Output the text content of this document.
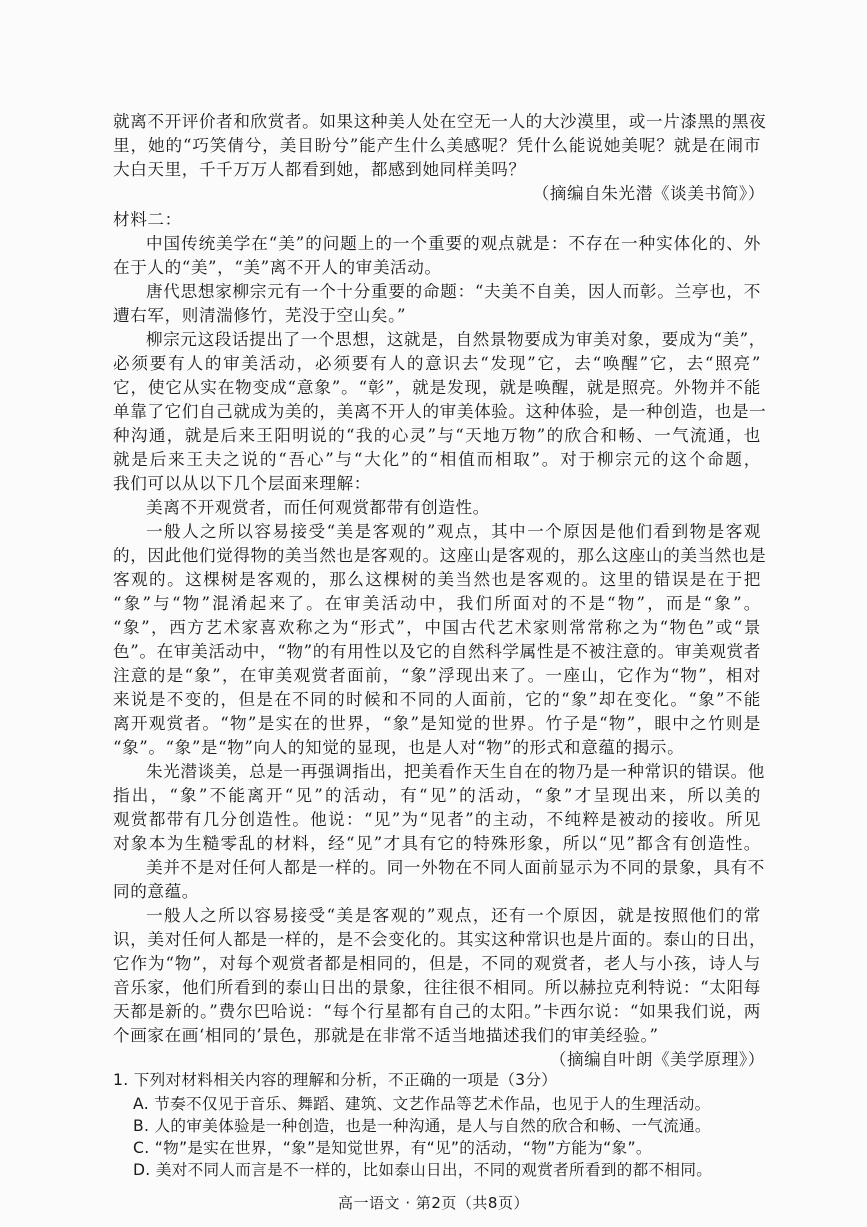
就离不开评价者和欣赏者。如果这种美人处在空无一人的大沙漠里，或一片漆黑的黑夜

里，她的“巧笑倩兮，美目盼兮”能产生什么美感呢？凭什么能说她美呢？就是在闹市

大白天里，千千万万人都看到她，都感到她同样美吗？

（摘编自朱光潜《谈美书简》）

材料二：

中国传统美学在“美”的问题上的一个重要的观点就是：不存在一种实体化的、外

在于人的“美”，“美”离不开人的审美活动。

唐代思想家柳宗元有一个十分重要的命题：“夫美不自美，因人而彰。兰亭也，不

遭右军，则清湍修竹，芜没于空山矣。”

柳宗元这段话提出了一个思想，这就是，自然景物要成为审美对象，要成为“美”，

必须要有人的审美活动，必须要有人的意识去“发现”它，去“唤醒”它，去“照亮”

它，使它从实在物变成“意象”。“彰”，就是发现，就是唤醒，就是照亮。外物并不能

单靠了它们自己就成为美的，美离不开人的审美体验。这种体验，是一种创造，也是一

种沟通，就是后来王阳明说的“我的心灵”与“天地万物”的欣合和畅、一气流通，也

就是后来王夫之说的“吾心”与“大化”的“相值而相取”。对于柳宗元的这个命题，

我们可以从以下几个层面来理解：

美离不开观赏者，而任何观赏都带有创造性。

一般人之所以容易接受“美是客观的”观点，其中一个原因是他们看到物是客观

的，因此他们觉得物的美当然也是客观的。这座山是客观的，那么这座山的美当然也是

客观的。这棵树是客观的，那么这棵树的美当然也是客观的。这里的错误是在于把

“象”与“物”混淆起来了。在审美活动中，我们所面对的不是“物”，而是“象”。

“象”，西方艺术家喜欢称之为“形式”，中国古代艺术家则常常称之为“物色”或“景

色”。在审美活动中，“物”的有用性以及它的自然科学属性是不被注意的。审美观赏者

注意的是“象”，在审美观赏者面前，“象”浮现出来了。一座山，它作为“物”，相对

来说是不变的，但是在不同的时候和不同的人面前，它的“象”却在变化。“象”不能

离开观赏者。“物”是实在的世界，“象”是知觉的世界。竹子是“物”，眼中之竹则是

“象”。“象”是“物”向人的知觉的显现，也是人对“物”的形式和意蕴的揭示。

朱光潜谈美，总是一再强调指出，把美看作天生自在的物乃是一种常识的错误。他

指出，“象”不能离开“见”的活动，有“见”的活动，“象”才呈现出来，所以美的

观赏都带有几分创造性。他说：“见”为“见者”的主动，不纯粹是被动的接收。所见

对象本为生糙零乱的材料，经“见”才具有它的特殊形象，所以“见”都含有创造性。

美并不是对任何人都是一样的。同一外物在不同人面前显示为不同的景象，具有不

同的意蕴。

一般人之所以容易接受“美是客观的”观点，还有一个原因，就是按照他们的常

识，美对任何人都是一样的，是不会变化的。其实这种常识也是片面的。泰山的日出，

它作为“物”，对每个观赏者都是相同的，但是，不同的观赏者，老人与小孩，诗人与

音乐家，他们所看到的泰山日出的景象，往往很不相同。所以赫拉克利特说：“太阳每

天都是新的。”费尔巴哈说：“每个行星都有自己的太阳。”卡西尔说：“如果我们说，两

个画家在画‘相同的’景色，那就是在非常不适当地描述我们的审美经验。”

（摘编自叶朗《美学原理》）

1. 下列对材料相关内容的理解和分析，不正确的一项是（3分）

A. 节奏不仅见于音乐、舞蹈、建筑、文艺作品等艺术作品，也见于人的生理活动。

B. 人的审美体验是一种创造，也是一种沟通，是人与自然的欣合和畅、一气流通。

C. “物”是实在世界，“象”是知觉世界，有“见”的活动，“物”方能为“象”。

D. 美对不同人而言是不一样的，比如泰山日出，不同的观赏者所看到的都不相同。

高一语文 · 第2页（共8页）
